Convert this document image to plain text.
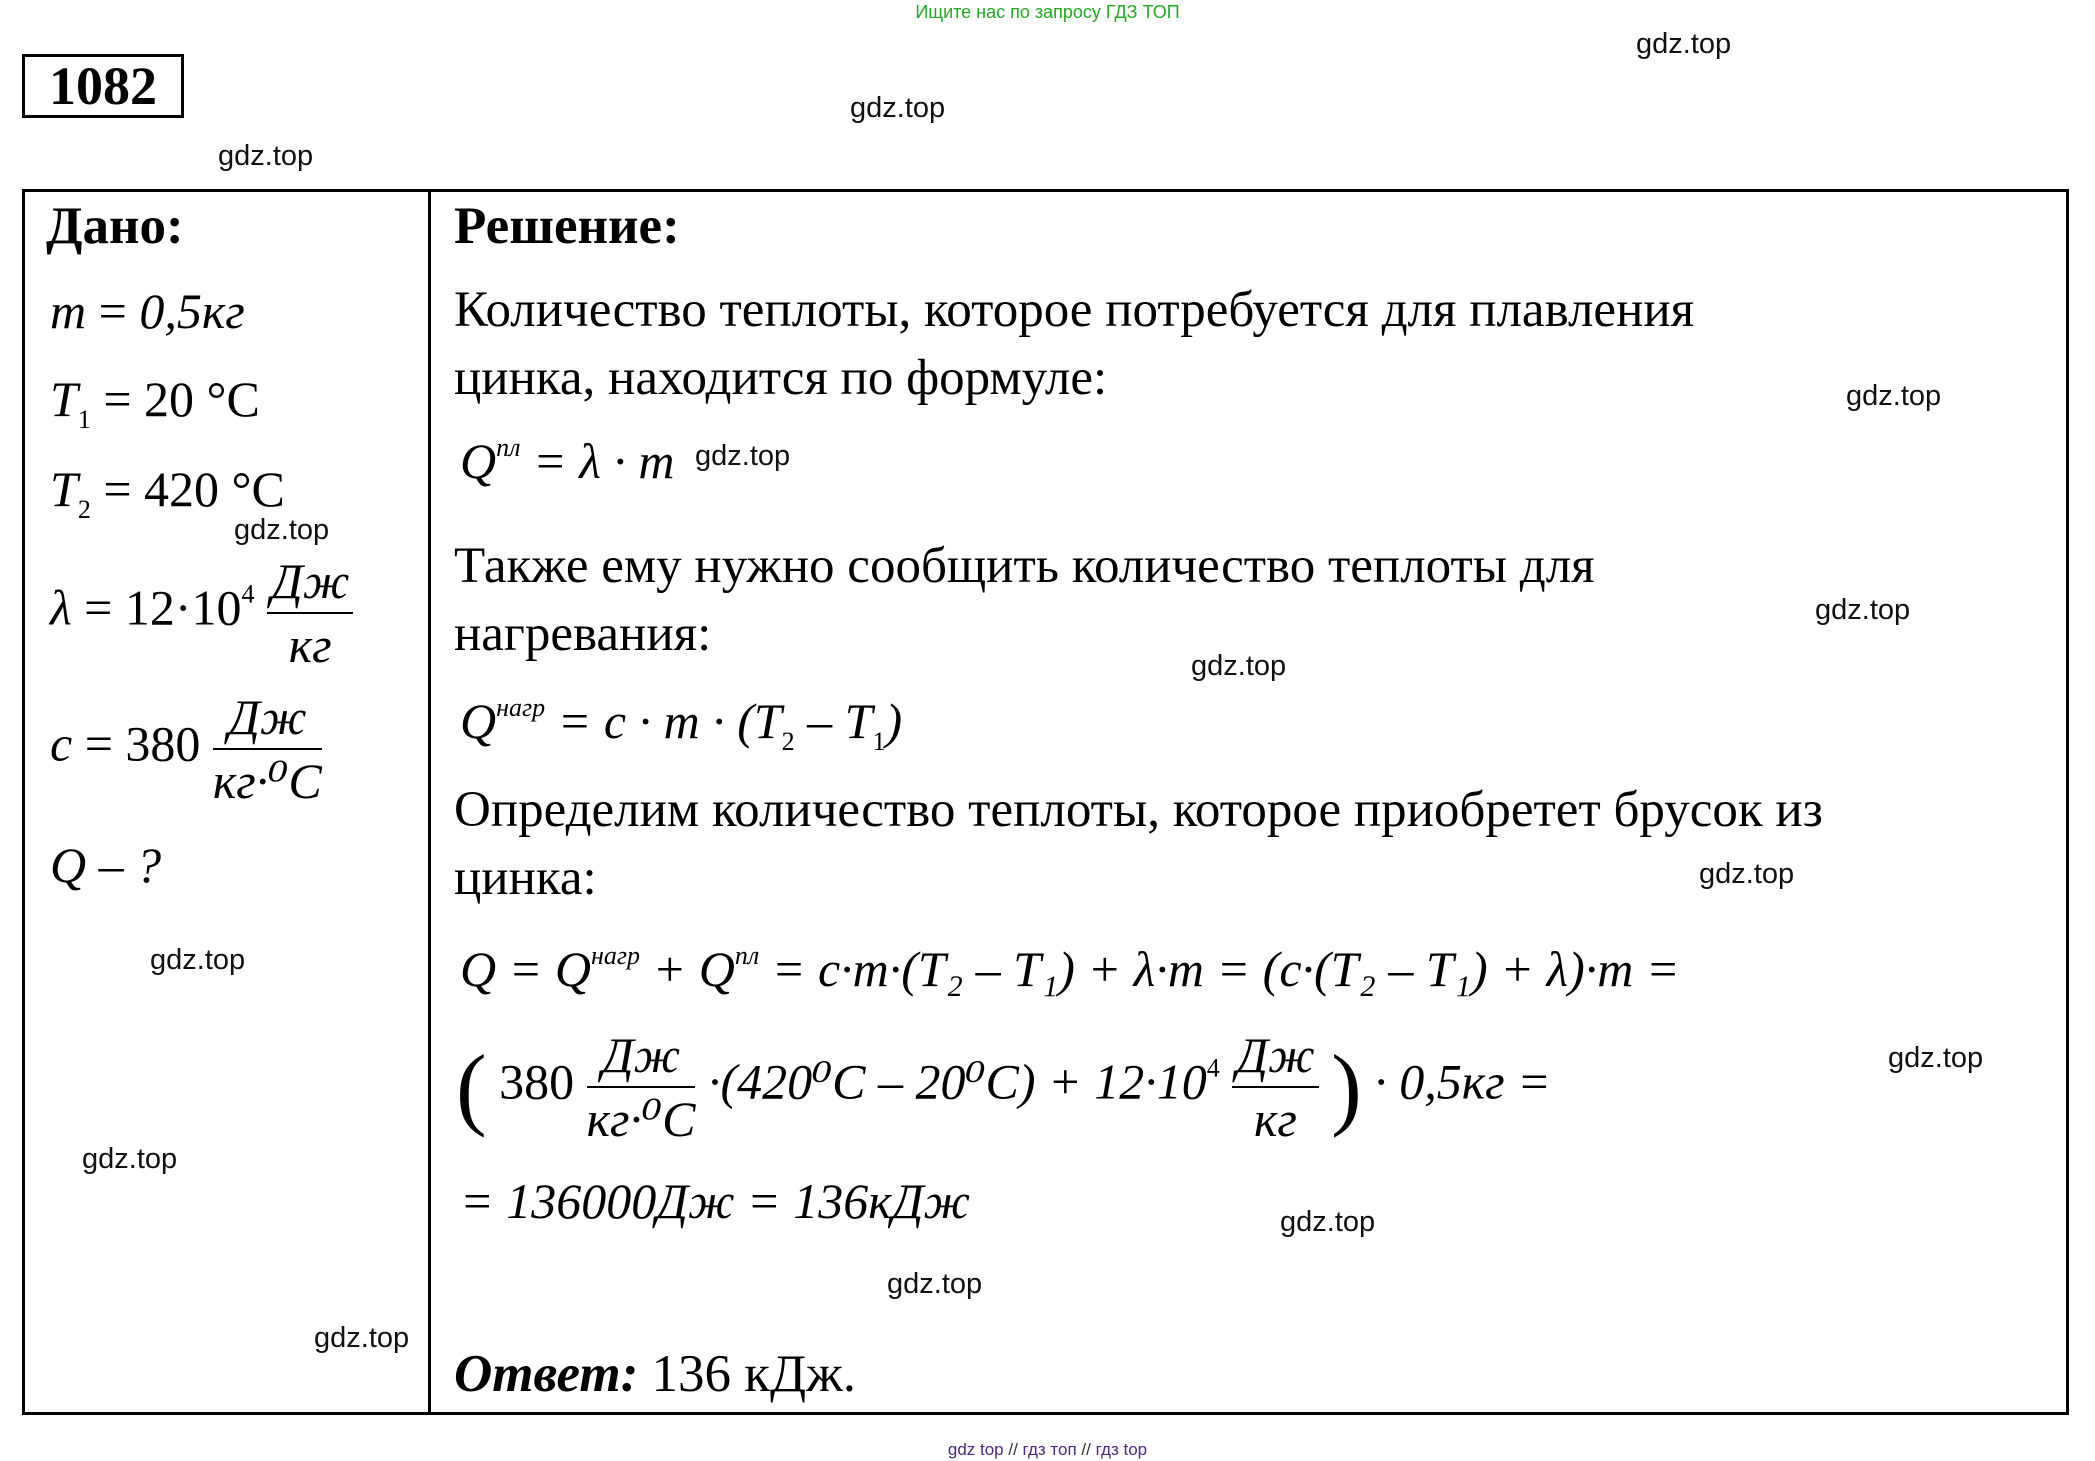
Ищите нас по запросу ГДЗ ТОП
1082
gdz.top
gdz.top
gdz.top
gdz.top
gdz.top
gdz.top
gdz.top
gdz.top
gdz.top
gdz.top
gdz.top
gdz.top
gdz.top
gdz.top
gdz.top
Дано:
m = 0,5кг
$T_1 = 20$ °C
$T_2 = 420$ °C
$\lambda = 12\cdot 10^4 \frac{Дж}{кг}$
$c = 380 \frac{Дж}{\text{кг·⁰C}}$
Q – ?
Решение:
Количество теплоты, которое потребуется для плавления
цинка, находится по формуле:
$Q^{пл} = \lambda \cdot m$
Также ему нужно сообщить количество теплоты для
нагревания:
$Q^{нагр} = c \cdot m \cdot (T_2 - T_1)$
Определим количество теплоты, которое приобретет брусок из
цинка:
$Q = Q^{нагр} + Q^{пл} = c\cdot m\cdot(T_2 - T_1) + \lambda\cdot m = (c\cdot(T_2 - T_1) + \lambda)\cdot m$ =
( $380 \frac{Дж}{\text{кг·⁰C}} \cdot(420^0C - 20^0C) + 12\cdot 10^4 \frac{Дж}{кг}$ ) · 0,5кг =
= 136000Дж = 136кДж
Ответ: 136 кДж.
gdz top // гдз топ // гдз top
